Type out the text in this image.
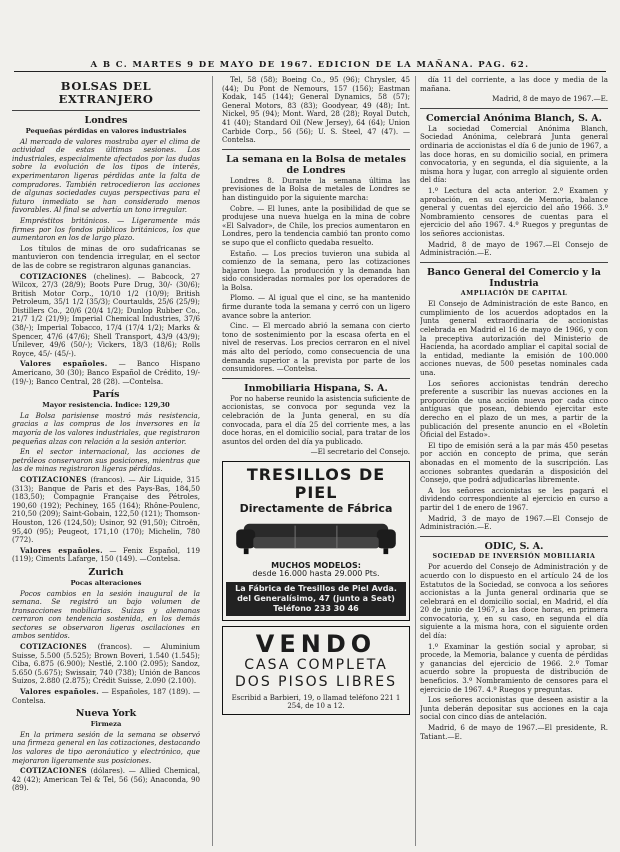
A B C. MARTES 9 DE MAYO DE 1967. EDICION DE LA MAÑANA. PAG. 62.
BOLSAS DEL EXTRANJERO
Londres
Pequeñas pérdidas en valores industriales

Al mercado de valores mostraba ayer el clima de actividad de estas últimas sesiones. Los industriales, especialmente afectados por las dudas sobre la evolución de los tipos de interés, experimentaron ligeras pérdidas ante la falta de compradores. También retrocedieron las acciones de algunas sociedades cuyas perspectivas para el futuro inmediato se han considerado menos favorables. Al final se advertía un tono irregular.

Empréstitos británicos. — Ligeramente más firmes por los fondos públicos británicos, los que aumentaron en los de largo plazo.

Los títulos de minas de oro sudafricanas se mantuvieron con tendencia irregular, en el sector de las de cobre se registraron algunas ganancias.

COTIZACIONES (chelines). — Babcock, 27 Wilcox, 27/3 (28/9); Boots Pure Drug, 30/- (30/6); British Motor Corp., 10/10 1/2 (10/9); British Petroleum, 35/1 1/2 (35/3); Courtaulds, 25/6 (25/9); Distillers Co., 20/6 (20/4 1/2); Dunlop Rubber Co., 21/7 1/2 (21/9); Imperial Chemical Industries, 37/6 (38/-); Imperial Tobacco, 17/4 (17/4 1/2); Marks & Spencer, 47/6 (47/6); Shell Transport, 43/9 (43/9); Unilever, 49/6 (50/-); Vickers, 18/3 (18/6); Rolls Royce, 45/- (45/-).

Valores españoles. — Banco Hispano Americano, 30 (30); Banco Español de Crédito, 19/- (19/-); Banco Central, 28 (28). —Contelsa.

París
Mayor resistencia. Índice: 129,30

La Bolsa parisiense mostró más resistencia, gracias a las compras de los inversores en la mayoría de los valores industriales, que registraron pequeñas alzas con relación a la sesión anterior.

En el sector internacional, las acciones de petróleos conservaron sus posiciones, mientras que las de minas registraron ligeras pérdidas.

COTIZACIONES (francos). — Air Liquide, 315 (313); Banque de Paris et des Pays-Bas, 184,50 (183,50); Compagnie Française des Pétroles, 190,60 (192); Pechiney, 165 (164); Rhône-Poulenc, 210,50 (209); Saint-Gobain, 122,50 (121); Thomson-Houston, 126 (124,50); Usinor, 92 (91,50); Citroën, 95,40 (95); Peugeot, 171,10 (170); Michelin, 780 (772).

Valores españoles. — Fenix Español, 119 (119); Ciments Lafarge, 150 (149). —Contelsa.

Zurich
Pocas alteraciones

Pocos cambios en la sesión inaugural de la semana. Se registró un bajo volumen de transacciones mobiliarias. Suizas y alemanas cerraron con tendencia sostenida, en los demás sectores se observaron ligeras oscilaciones en ambos sentidos.

COTIZACIONES (francos). — Aluminium Suisse, 5.500 (5.525); Brown Boveri, 1.540 (1.545); Ciba, 6.875 (6.900); Nestlé, 2.100 (2.095); Sandoz, 5.650 (5.675); Swissair, 740 (738); Unión de Bancos Suizos, 2.880 (2.875); Crédit Suisse, 2.090 (2.100).

Valores españoles. — Españoles, 187 (189). —Contelsa.

Nueva York
Firmeza

En la primera sesión de la semana se observó una firmeza general en las cotizaciones, destacando los valores de tipo aeronáutico y electrónico, que mejoraron ligeramente sus posiciones.

COTIZACIONES (dólares). — Allied Chemical, 42 (42); American Tel & Tel, 56 (56); Anaconda, 90 (89).

Tel, 58 (58); Boeing Co., 95 (96); Chrysler, 45 (44); Du Pont de Nemours, 157 (156); Eastman Kodak, 145 (144); General Dynamics, 58 (57); General Motors, 83 (83); Goodyear, 49 (48); Int. Nickel, 95 (94); Mont. Ward, 28 (28); Royal Dutch, 41 (40); Standard Oil (New Jersey), 64 (64); Union Carbide Corp., 56 (56); U. S. Steel, 47 (47). —Contelsa.

La semana en la Bolsa de metales de Londres

Londres 8. Durante la semana última las previsiones de la Bolsa de metales de Londres se han distinguido por la siguiente marcha:

Cobre. — El lunes, ante la posibilidad de que se produjese una nueva huelga en la mina de cobre «El Salvador», de Chile, los precios aumentaron en Londres, pero la tendencia cambió tan pronto como se supo que el conflicto quedaba resuelto.

Estaño. — Los precios tuvieron una subida al comienzo de la semana, pero las cotizaciones bajaron luego. La producción y la demanda han sido consideradas normales por los operadores de la Bolsa.

Plomo. — Al igual que el cinc, se ha mantenido firme durante toda la semana y cerró con un ligero avance sobre la anterior.

Cinc. — El mercado abrió la semana con cierto tono de sostenimiento por la escasa oferta en el nivel de reservas. Los precios cerraron en el nivel más alto del período, como consecuencia de una demanda superior a la prevista por parte de los consumidores. —Contelsa.

Inmobiliaria Hispana, S. A.

Por no haberse reunido la asistencia suficiente de accionistas, se convoca por segunda vez la celebración de la Junta general, en su día convocada, para el día 25 del corriente mes, a las doce horas, en el domicilio social, para tratar de los asuntos del orden del día ya publicado.

—El secretario del Consejo.

TRESILLOS DE PIEL
Directamente de Fábrica
MUCHOS MODELOS:
desde 16.000 hasta 29.000 Pts.
La Fábrica de Tresillos de Piel Avda. del Generalísimo, 47 (junto a Seat) Teléfono 233 30 46
VENDO
CASA COMPLETA
DOS PISOS LIBRES
Escribid a Barbieri, 19, o llamad teléfono 221 1 254, de 10 a 12.

día 11 del corriente, a las doce y media de la mañana.

Madrid, 8 de mayo de 1967.—E.

Comercial Anónima Blanch, S. A.

La sociedad Comercial Anónima Blanch, Sociedad Anónima, celebrará Junta general ordinaria de accionistas el día 6 de junio de 1967, a las doce horas, en su domicilio social, en primera convocatoria, y en segunda, el día siguiente, a la misma hora y lugar, con arreglo al siguiente orden del día:

1.º Lectura del acta anterior. 2.º Examen y aprobación, en su caso, de Memoria, balance general y cuentas del ejercicio del año 1966. 3.º Nombramiento censores de cuentas para el ejercicio del año 1967. 4.º Ruegos y preguntas de los señores accionistas.

Madrid, 8 de mayo de 1967.—El Consejo de Administración.—E.

Banco General del Comercio y la Industria
AMPLIACIÓN DE CAPITAL

El Consejo de Administración de este Banco, en cumplimiento de los acuerdos adoptados en la Junta general extraordinaria de accionistas celebrada en Madrid el 16 de mayo de 1966, y con la preceptiva autorización del Ministerio de Hacienda, ha acordado ampliar el capital social de la entidad, mediante la emisión de 100.000 acciones nuevas, de 500 pesetas nominales cada una.

Los señores accionistas tendrán derecho preferente a suscribir las nuevas acciones en la proporción de una acción nueva por cada cinco antiguas que posean, debiendo ejercitar este derecho en el plazo de un mes, a partir de la publicación del presente anuncio en el «Boletín Oficial del Estado».

El tipo de emisión será a la par más 450 pesetas por acción en concepto de prima, que serán abonadas en el momento de la suscripción. Las acciones sobrantes quedarán a disposición del Consejo, que podrá adjudicarlas libremente.

A los señores accionistas se les pagará el dividendo correspondiente al ejercicio en curso a partir del 1 de enero de 1967.

Madrid, 3 de mayo de 1967.—El Consejo de Administración.—E.

ODIC, S. A.
SOCIEDAD DE INVERSIÓN MOBILIARIA

Por acuerdo del Consejo de Administración y de acuerdo con lo dispuesto en el artículo 24 de los Estatutos de la Sociedad, se convoca a los señores accionistas a la Junta general ordinaria que se celebrará en el domicilio social, en Madrid, el día 20 de junio de 1967, a las doce horas, en primera convocatoria, y, en su caso, en segunda el día siguiente a la misma hora, con el siguiente orden del día:

1.º Examinar la gestión social y aprobar, si procede, la Memoria, balance y cuenta de pérdidas y ganancias del ejercicio de 1966. 2.º Tomar acuerdo sobre la propuesta de distribución de beneficios. 3.º Nombramiento de censores para el ejercicio de 1967. 4.º Ruegos y preguntas.

Los señores accionistas que deseen asistir a la Junta deberán depositar sus acciones en la caja social con cinco días de antelación.

Madrid, 6 de mayo de 1967.—El presidente, R. Tatiant.—E.
